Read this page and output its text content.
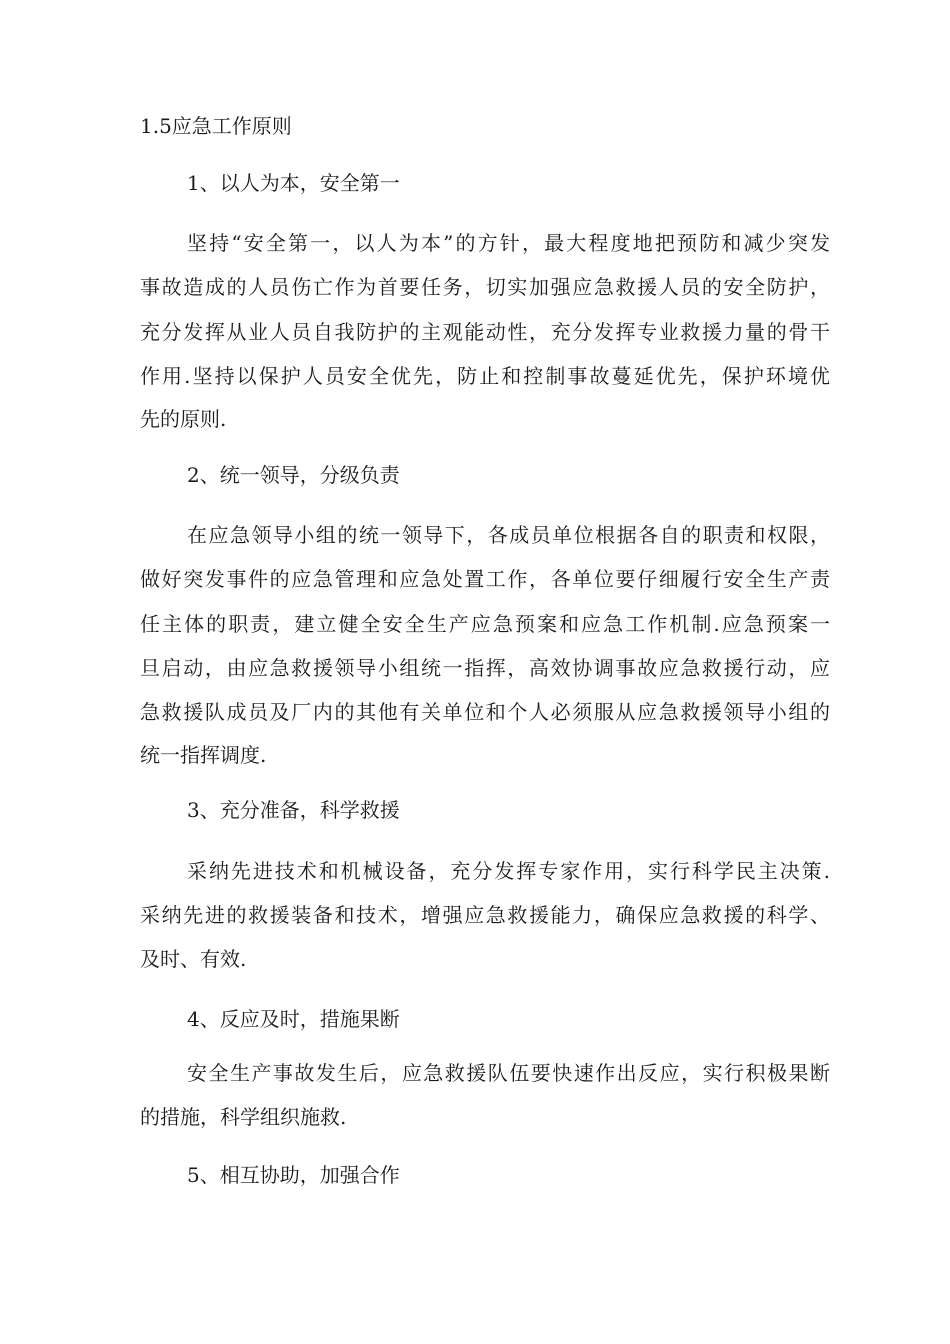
1.5应急工作原则
1、以人为本，安全第一
坚持“安全第一，以人为本”的方针，最大程度地把预防和减少突发
事故造成的人员伤亡作为首要任务，切实加强应急救援人员的安全防护，
充分发挥从业人员自我防护的主观能动性，充分发挥专业救援力量的骨干
作用.坚持以保护人员安全优先，防止和控制事故蔓延优先，保护环境优
先的原则.
2、统一领导，分级负责
在应急领导小组的统一领导下，各成员单位根据各自的职责和权限，
做好突发事件的应急管理和应急处置工作，各单位要仔细履行安全生产责
任主体的职责，建立健全安全生产应急预案和应急工作机制.应急预案一
旦启动，由应急救援领导小组统一指挥，高效协调事故应急救援行动，应
急救援队成员及厂内的其他有关单位和个人必须服从应急救援领导小组的
统一指挥调度.
3、充分准备，科学救援
采纳先进技术和机械设备，充分发挥专家作用，实行科学民主决策.
采纳先进的救援装备和技术，增强应急救援能力，确保应急救援的科学、
及时、有效.
4、反应及时，措施果断
安全生产事故发生后，应急救援队伍要快速作出反应，实行积极果断
的措施，科学组织施救.
5、相互协助，加强合作
